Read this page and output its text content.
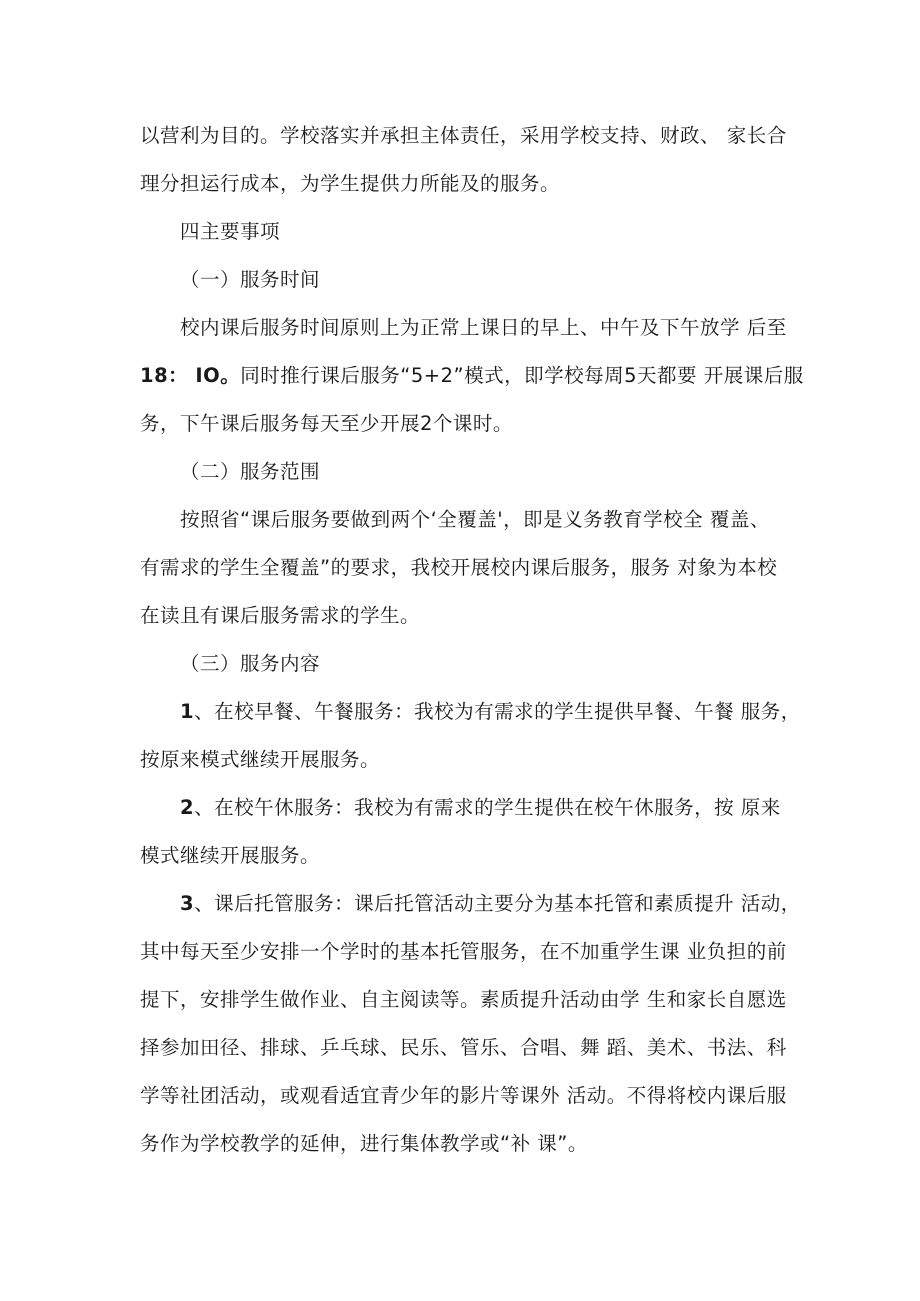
以营利为目的。学校落实并承担主体责任，采用学校支持、财政、 家长合
理分担运行成本，为学生提供力所能及的服务。
四主要事项
（一）服务时间
校内课后服务时间原则上为正常上课日的早上、中午及下午放学 后至
18： IO。同时推行课后服务“5+2”模式，即学校每周5天都要 开展课后服
务，下午课后服务每天至少开展2个课时。
（二）服务范围
按照省“课后服务要做到两个‘全覆盖'，即是义务教育学校全 覆盖、
有需求的学生全覆盖”的要求，我校开展校内课后服务，服务 对象为本校
在读且有课后服务需求的学生。
（三）服务内容
1、在校早餐、午餐服务：我校为有需求的学生提供早餐、午餐 服务，
按原来模式继续开展服务。
2、在校午休服务：我校为有需求的学生提供在校午休服务，按 原来
模式继续开展服务。
3、课后托管服务：课后托管活动主要分为基本托管和素质提升 活动，
其中每天至少安排一个学时的基本托管服务，在不加重学生课 业负担的前
提下，安排学生做作业、自主阅读等。素质提升活动由学 生和家长自愿选
择参加田径、排球、乒乓球、民乐、管乐、合唱、舞 蹈、美术、书法、科
学等社团活动，或观看适宜青少年的影片等课外 活动。不得将校内课后服
务作为学校教学的延伸，进行集体教学或“补 课”。
